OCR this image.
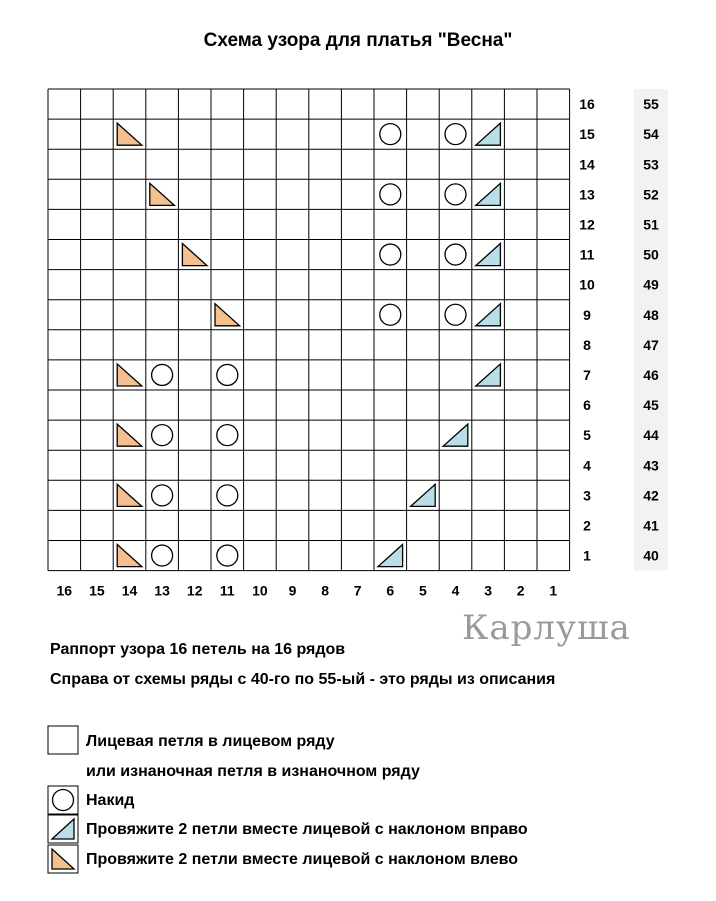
Схема узора для платья "Весна"
16 15 14 13 12 11 10 9 8 7 6 5 4 3 2 1
1
2
3
4
5
6
7
8
9
10
11
12
13
14
15
16
40
41
42
43
44
45
46
47
48
49
50
51
52
53
54
55
Раппорт узора 16 петель на 16 рядов
Справа от схемы ряды с 40-го по 55-ый - это ряды из описания
Карлуша
Лицевая петля в лицевом ряду
или изнаночная петля в изнаночном ряду
Накид
Провяжите 2 петли вместе лицевой с наклоном вправо
Провяжите 2 петли вместе лицевой с наклоном влево
